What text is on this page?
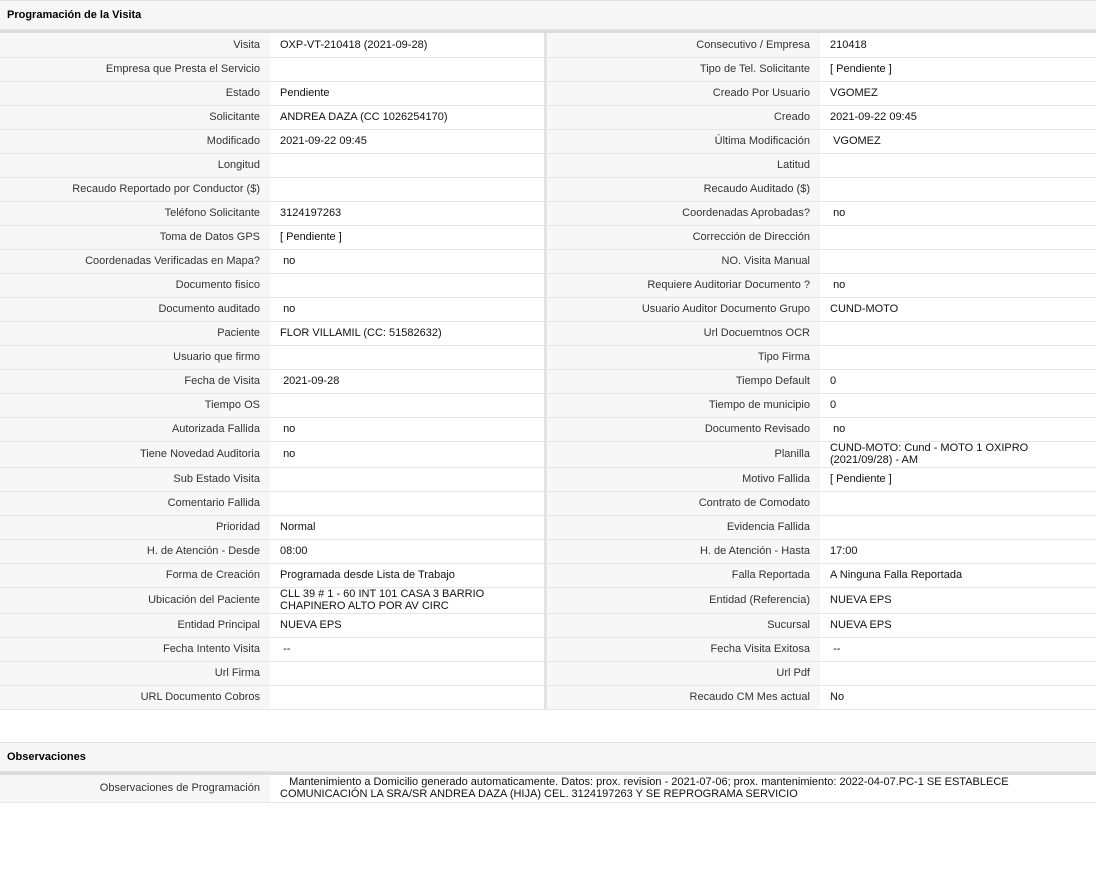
Programación de la Visita
Visita	OXP-VT-210418 (2021-09-28)	Consecutivo / Empresa	210418
Empresa que Presta el Servicio		Tipo de Tel. Solicitante	[ Pendiente ]
Estado	Pendiente	Creado Por Usuario	VGOMEZ
Solicitante	ANDREA DAZA (CC 1026254170)	Creado	2021-09-22 09:45
Modificado	2021-09-22 09:45	Última Modificación	VGOMEZ
Longitud		Latitud	
Recaudo Reportado por Conductor ($)		Recaudo Auditado ($)	
Teléfono Solicitante	3124197263	Coordenadas Aprobadas?	no
Toma de Datos GPS	[ Pendiente ]	Corrección de Dirección	
Coordenadas Verificadas en Mapa?	no	NO. Visita Manual	
Documento fisico		Requiere Auditoriar Documento ?	no
Documento auditado	no	Usuario Auditor Documento Grupo	CUND-MOTO
Paciente	FLOR VILLAMIL (CC: 51582632)	Url Docuemtnos OCR	
Usuario que firmo		Tipo Firma	
Fecha de Visita	2021-09-28	Tiempo Default	0
Tiempo OS		Tiempo de municipio	0
Autorizada Fallida	no	Documento Revisado	no
Tiene Novedad Auditoria	no	Planilla	CUND-MOTO: Cund - MOTO 1 OXIPRO (2021/09/28) - AM
Sub Estado Visita		Motivo Fallida	[ Pendiente ]
Comentario Fallida		Contrato de Comodato	
Prioridad	Normal	Evidencia Fallida	
H. de Atención - Desde	08:00	H. de Atención - Hasta	17:00
Forma de Creación	Programada desde Lista de Trabajo	Falla Reportada	A Ninguna Falla Reportada
Ubicación del Paciente	CLL 39 # 1 - 60 INT 101 CASA 3 BARRIO CHAPINERO ALTO POR AV CIRC	Entidad (Referencia)	NUEVA EPS
Entidad Principal	NUEVA EPS	Sucursal	NUEVA EPS
Fecha Intento Visita	--	Fecha Visita Exitosa	--
Url Firma		Url Pdf	
URL Documento Cobros		Recaudo CM Mes actual	No
Observaciones
Observaciones de Programación	Mantenimiento a Domicilio generado automaticamente. Datos: prox. revision - 2021-07-06; prox. mantenimiento: 2022-04-07.PC-1 SE ESTABLECE COMUNICACIÓN LA SRA/SR ANDREA DAZA (HIJA) CEL. 3124197263 Y SE REPROGRAMA SERVICIO
